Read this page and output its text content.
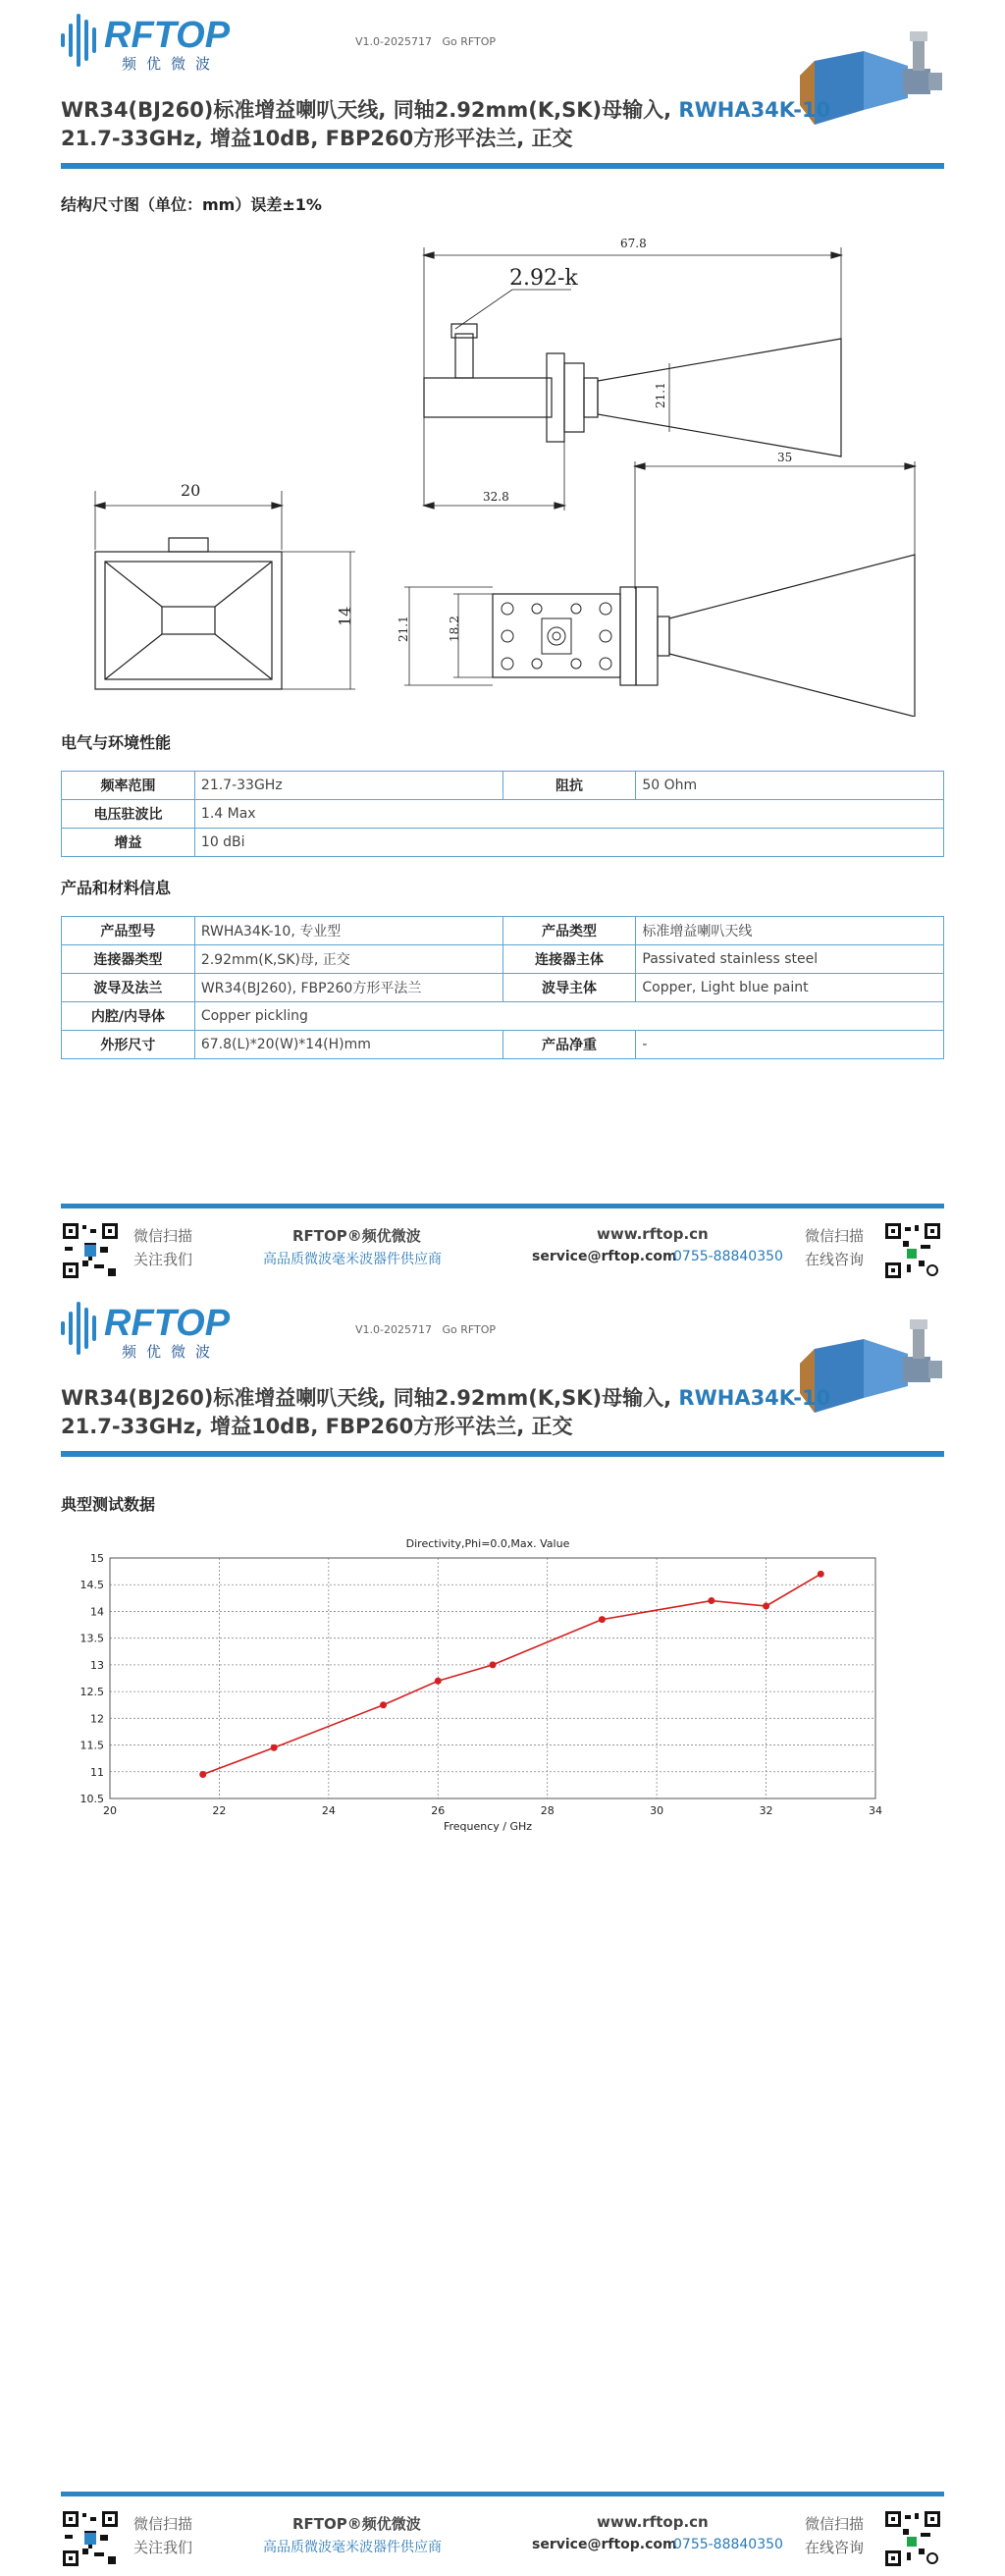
RFTOP
频优微波
V1.0-2025717 Go RFTOP
WR34(BJ260)标准增益喇叭天线, 同轴2.92mm(K,SK)母输入, RWHA34K-10
21.7-33GHz, 增益10dB, FBP260方形平法兰, 正交
结构尺寸图（单位：mm）误差±1%
67.8
2.92-k
21.1
32.8
20
14
35
21.1	18.2
电气与环境性能
频率范围	21.7-33GHz	阻抗	50 Ohm
电压驻波比	1.4 Max		
增益	10 dBi		
产品和材料信息
产品型号	RWHA34K-10, 专业型	产品类型	标准增益喇叭天线
连接器类型	2.92mm(K,SK)母, 正交	连接器主体	Passivated stainless steel
波导及法兰	WR34(BJ260), FBP260方形平法兰	波导主体	Copper, Light blue paint
内腔/内导体	Copper pickling		
外形尺寸	67.8(L)*20(W)*14(H)mm	产品净重	-
微信扫描
关注我们
RFTOP®频优微波
高品质微波毫米波器件供应商
www.rftop.cn
service@rftop.com
0755-88840350
微信扫描
在线咨询
RFTOP
频优微波
V1.0-2025717 Go RFTOP
WR34(BJ260)标准增益喇叭天线, 同轴2.92mm(K,SK)母输入, RWHA34K-10
21.7-33GHz, 增益10dB, FBP260方形平法兰, 正交
典型测试数据
Directivity,Phi=0.0,Max. Value
Frequency / GHz
20	22	24	26	28	30	32	34
10.5
11
11.5
12
12.5
13
13.5
14
14.5
15
微信扫描
关注我们
RFTOP®频优微波
高品质微波毫米波器件供应商
www.rftop.cn
service@rftop.com
0755-88840350
微信扫描
在线咨询
